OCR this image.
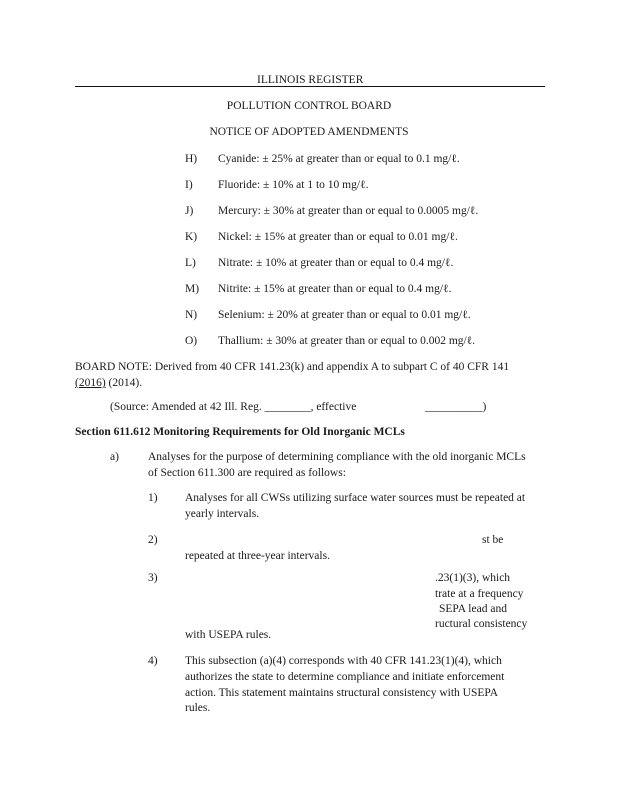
ILLINOIS REGISTER
POLLUTION CONTROL BOARD
NOTICE OF ADOPTED AMENDMENTS
H) Cyanide: ± 25% at greater than or equal to 0.1 mg/ℓ.
I) Fluoride: ± 10% at 1 to 10 mg/ℓ.
J) Mercury: ± 30% at greater than or equal to 0.0005 mg/ℓ.
K) Nickel: ± 15% at greater than or equal to 0.01 mg/ℓ.
L) Nitrate: ± 10% at greater than or equal to 0.4 mg/ℓ.
M) Nitrite: ± 15% at greater than or equal to 0.4 mg/ℓ.
N) Selenium: ± 20% at greater than or equal to 0.01 mg/ℓ.
O) Thallium: ± 30% at greater than or equal to 0.002 mg/ℓ.
BOARD NOTE: Derived from 40 CFR 141.23(k) and appendix A to subpart C of 40 CFR 141
(2016) (2014).
(Source: Amended at 42 Ill. Reg. ________, effective	__________)
Section 611.612 Monitoring Requirements for Old Inorganic MCLs
a)	Analyses for the purpose of determining compliance with the old inorganic MCLs
of Section 611.300 are required as follows:
1) Analyses for all CWSs utilizing surface water sources must be repeated at
yearly intervals.
2)	st be
repeated at three-year intervals.
3)	.23(1)(3), which
trate at a frequency
SEPA lead and
ructural consistency
with USEPA rules.
4) This subsection (a)(4) corresponds with 40 CFR 141.23(1)(4), which
authorizes the state to determine compliance and initiate enforcement
action. This statement maintains structural consistency with USEPA
rules.
